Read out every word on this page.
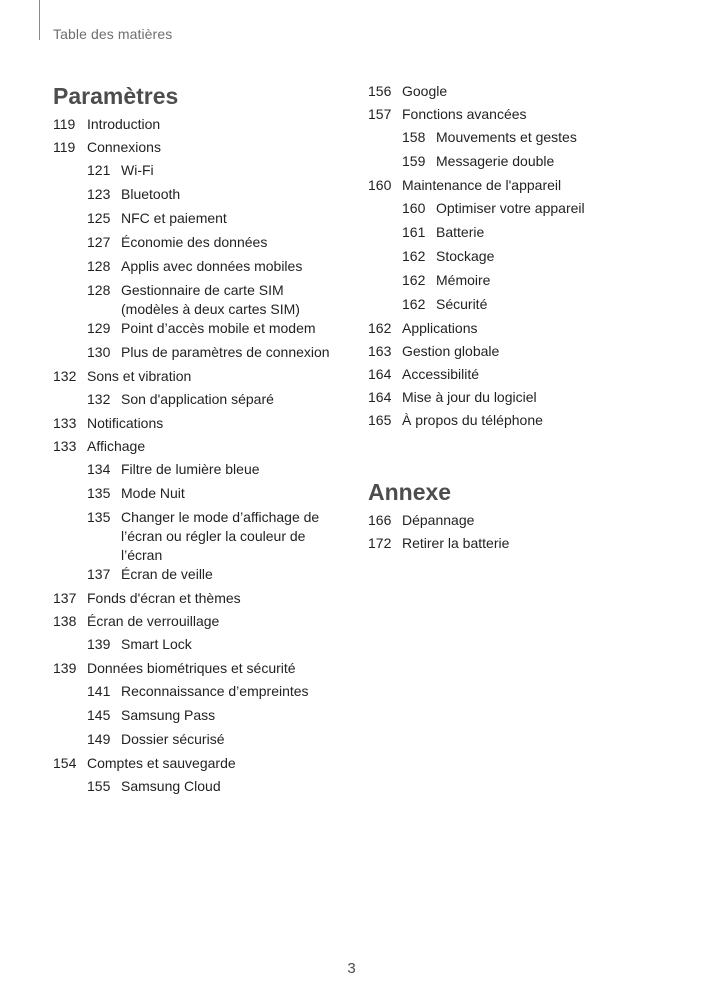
Table des matières
Paramètres
119 Introduction
119 Connexions
121 Wi-Fi
123 Bluetooth
125 NFC et paiement
127 Économie des données
128 Applis avec données mobiles
128 Gestionnaire de carte SIM (modèles à deux cartes SIM)
129 Point d’accès mobile et modem
130 Plus de paramètres de connexion
132 Sons et vibration
132 Son d'application séparé
133 Notifications
133 Affichage
134 Filtre de lumière bleue
135 Mode Nuit
135 Changer le mode d’affichage de l’écran ou régler la couleur de l’écran
137 Écran de veille
137 Fonds d'écran et thèmes
138 Écran de verrouillage
139 Smart Lock
139 Données biométriques et sécurité
141 Reconnaissance d’empreintes
145 Samsung Pass
149 Dossier sécurisé
154 Comptes et sauvegarde
155 Samsung Cloud
156 Google
157 Fonctions avancées
158 Mouvements et gestes
159 Messagerie double
160 Maintenance de l'appareil
160 Optimiser votre appareil
161 Batterie
162 Stockage
162 Mémoire
162 Sécurité
162 Applications
163 Gestion globale
164 Accessibilité
164 Mise à jour du logiciel
165 À propos du téléphone
Annexe
166 Dépannage
172 Retirer la batterie
3
